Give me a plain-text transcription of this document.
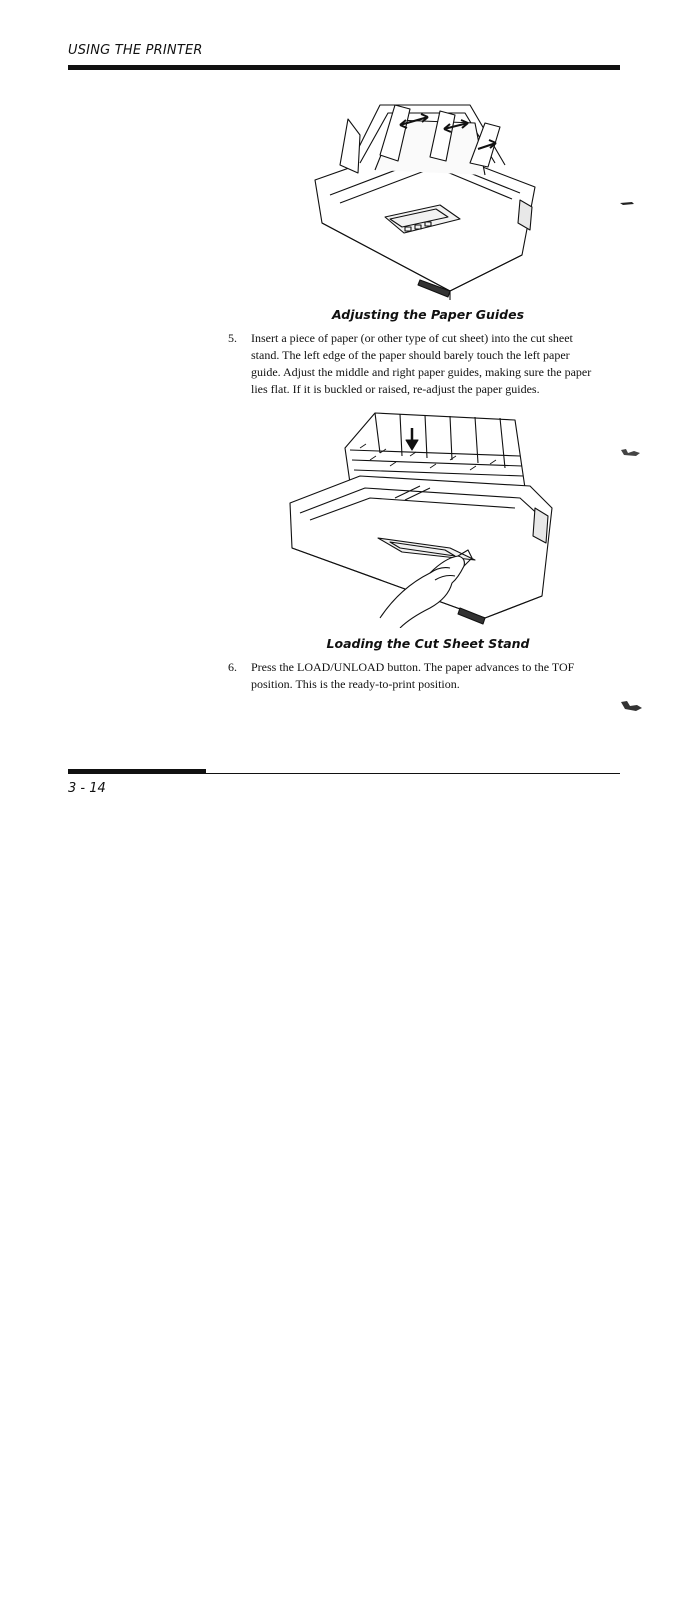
USING THE PRINTER
Adjusting the Paper Guides
5. Insert a piece of paper (or other type of cut sheet) into the cut sheet stand. The left edge of the paper should barely touch the left paper guide. Adjust the middle and right paper guides, making sure the paper lies flat. If it is buckled or raised, re-adjust the paper guides.
Loading the Cut Sheet Stand
6. Press the LOAD/UNLOAD button. The paper advances to the TOF position. This is the ready-to-print position.
3 - 14
